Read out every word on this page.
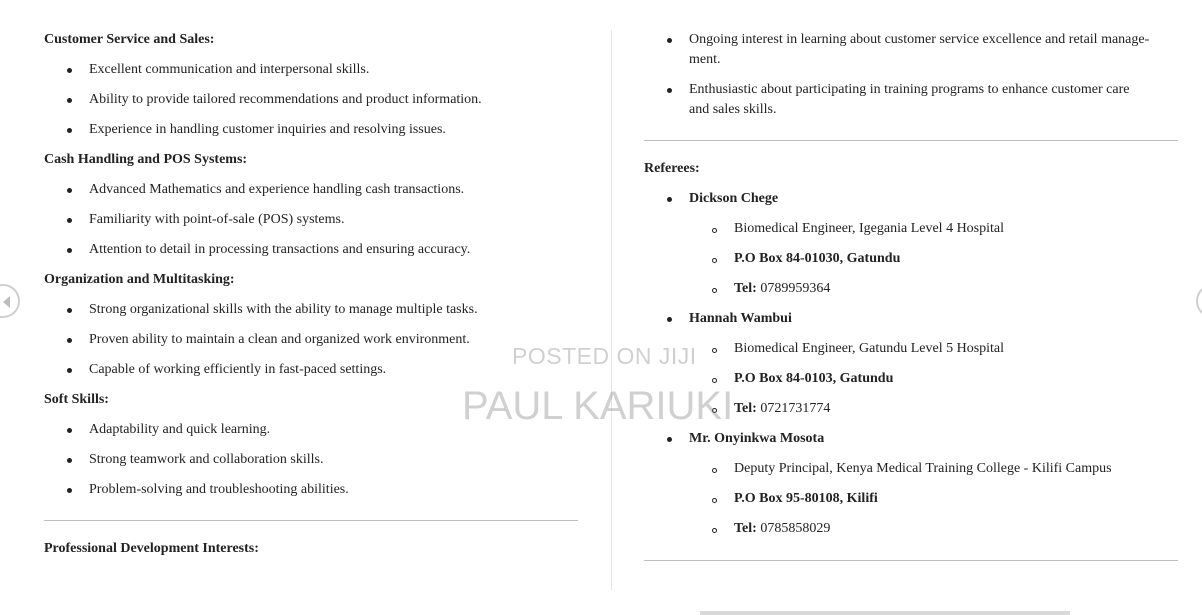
Customer Service and Sales:
Excellent communication and interpersonal skills.
Ability to provide tailored recommendations and product information.
Experience in handling customer inquiries and resolving issues.
Cash Handling and POS Systems:
Advanced Mathematics and experience handling cash transactions.
Familiarity with point-of-sale (POS) systems.
Attention to detail in processing transactions and ensuring accuracy.
Organization and Multitasking:
Strong organizational skills with the ability to manage multiple tasks.
Proven ability to maintain a clean and organized work environment.
Capable of working efficiently in fast-paced settings.
Soft Skills:
Adaptability and quick learning.
Strong teamwork and collaboration skills.
Problem-solving and troubleshooting abilities.
Professional Development Interests:
Ongoing interest in learning about customer service excellence and retail manage-
ment.
Enthusiastic about participating in training programs to enhance customer care
and sales skills.
Referees:
Dickson Chege
Biomedical Engineer, Igegania Level 4 Hospital
P.O Box 84-01030, Gatundu
Tel: 0789959364
Hannah Wambui
Biomedical Engineer, Gatundu Level 5 Hospital
P.O Box 84-0103, Gatundu
Tel: 0721731774
Mr. Onyinkwa Mosota
Deputy Principal, Kenya Medical Training College - Kilifi Campus
P.O Box 95-80108, Kilifi
Tel: 0785858029
POSTED ON JIJI
PAUL KARIUKI
